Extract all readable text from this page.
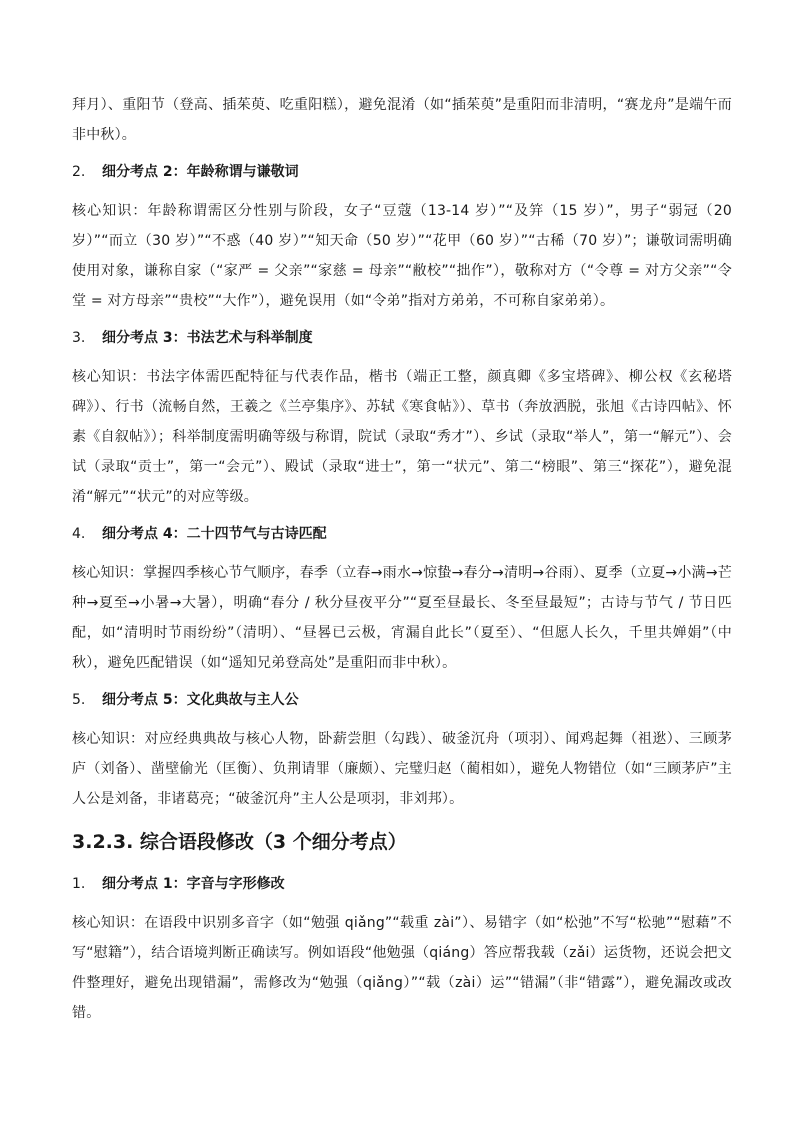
拜月）、重阳节（登高、插茱萸、吃重阳糕），避免混淆（如“插茱萸”是重阳而非清明，“赛龙舟”是端午而非中秋）。

2. 细分考点 2：年龄称谓与谦敬词

核心知识：年龄称谓需区分性别与阶段，女子“豆蔻（13-14 岁）”“及笄（15 岁）”，男子“弱冠（20 岁）”“而立（30 岁）”“不惑（40 岁）”“知天命（50 岁）”“花甲（60 岁）”“古稀（70 岁）”；谦敬词需明确使用对象，谦称自家（“家严 = 父亲”“家慈 = 母亲”“敝校”“拙作”），敬称对方（“令尊 = 对方父亲”“令堂 = 对方母亲”“贵校”“大作”），避免误用（如“令弟”指对方弟弟，不可称自家弟弟）。

3. 细分考点 3：书法艺术与科举制度

核心知识：书法字体需匹配特征与代表作品，楷书（端正工整，颜真卿《多宝塔碑》、柳公权《玄秘塔碑》）、行书（流畅自然，王羲之《兰亭集序》、苏轼《寒食帖》）、草书（奔放洒脱，张旭《古诗四帖》、怀素《自叙帖》）；科举制度需明确等级与称谓，院试（录取“秀才”）、乡试（录取“举人”，第一“解元”）、会试（录取“贡士”，第一“会元”）、殿试（录取“进士”，第一“状元”、第二“榜眼”、第三“探花”），避免混淆“解元”“状元”的对应等级。

4. 细分考点 4：二十四节气与古诗匹配

核心知识：掌握四季核心节气顺序，春季（立春→雨水→惊蛰→春分→清明→谷雨）、夏季（立夏→小满→芒种→夏至→小暑→大暑），明确“春分 / 秋分昼夜平分”“夏至昼最长、冬至昼最短”；古诗与节气 / 节日匹配，如“清明时节雨纷纷”（清明）、“昼晷已云极，宵漏自此长”（夏至）、“但愿人长久，千里共婵娟”（中秋），避免匹配错误（如“遥知兄弟登高处”是重阳而非中秋）。

5. 细分考点 5：文化典故与主人公

核心知识：对应经典典故与核心人物，卧薪尝胆（勾践）、破釜沉舟（项羽）、闻鸡起舞（祖逖）、三顾茅庐（刘备）、凿壁偷光（匡衡）、负荆请罪（廉颇）、完璧归赵（蔺相如），避免人物错位（如“三顾茅庐”主人公是刘备，非诸葛亮；“破釜沉舟”主人公是项羽，非刘邦）。

3.2.3. 综合语段修改（3 个细分考点）
1. 细分考点 1：字音与字形修改

核心知识：在语段中识别多音字（如“勉强 qiǎng”“载重 zài”）、易错字（如“松弛”不写“松驰”“慰藉”不写“慰籍”），结合语境判断正确读写。例如语段“他勉强（qiáng）答应帮我载（zǎi）运货物，还说会把文件整理好，避免出现错漏”，需修改为“勉强（qiǎng）”“载（zài）运”“错漏”（非“错露”），避免漏改或改错。
